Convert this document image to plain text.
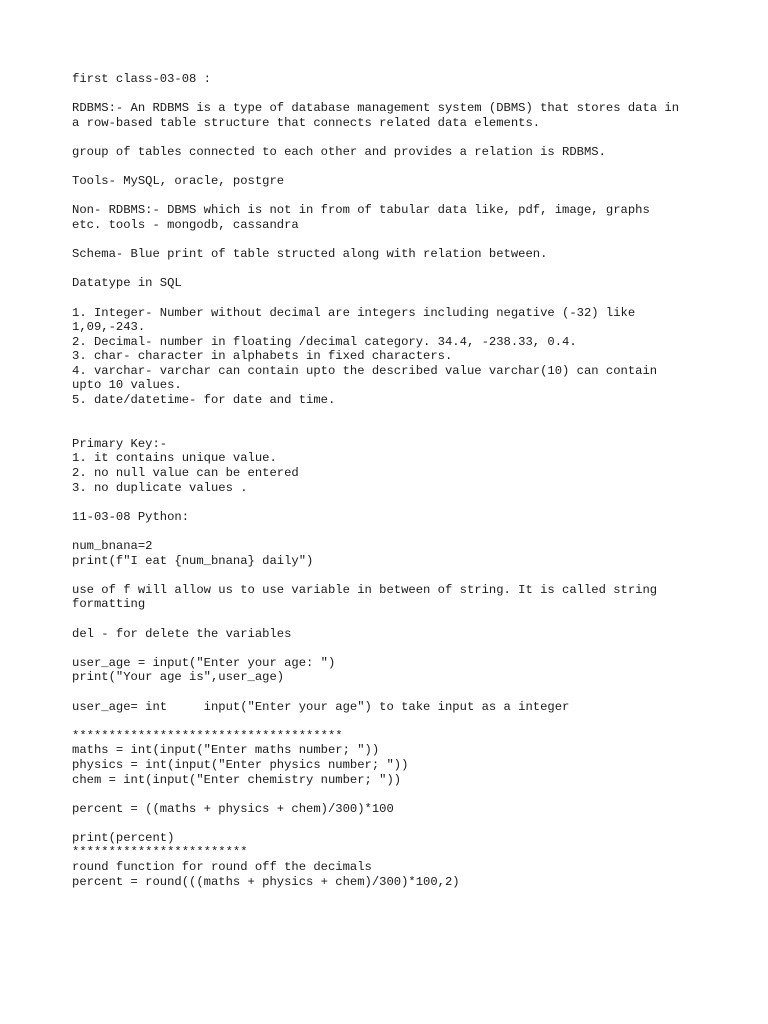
first class-03-08 :
RDBMS:- An RDBMS is a type of database management system (DBMS) that stores data in
a row-based table structure that connects related data elements.
group of tables connected to each other and provides a relation is RDBMS.
Tools- MySQL, oracle, postgre
Non- RDBMS:- DBMS which is not in from of tabular data like, pdf, image, graphs
etc. tools - mongodb, cassandra
Schema- Blue print of table structed along with relation between.
Datatype in SQL
1. Integer- Number without decimal are integers including negative (-32) like
1,09,-243.
2. Decimal- number in floating /decimal category. 34.4, -238.33, 0.4.
3. char- character in alphabets in fixed characters.
4. varchar- varchar can contain upto the described value varchar(10) can contain
upto 10 values.
5. date/datetime- for date and time.
Primary Key:-
1. it contains unique value.
2. no null value can be entered
3. no duplicate values .
11-03-08 Python:
num_bnana=2
print(f"I eat {num_bnana} daily")
use of f will allow us to use variable in between of string. It is called string
formatting
del - for delete the variables
user_age = input("Enter your age: ")
print("Your age is",user_age)
user_age= int     input("Enter your age") to take input as a integer
*************************************
maths = int(input("Enter maths number; "))
physics = int(input("Enter physics number; "))
chem = int(input("Enter chemistry number; "))
percent = ((maths + physics + chem)/300)*100
print(percent)
************************
round function for round off the decimals
percent = round(((maths + physics + chem)/300)*100,2)
